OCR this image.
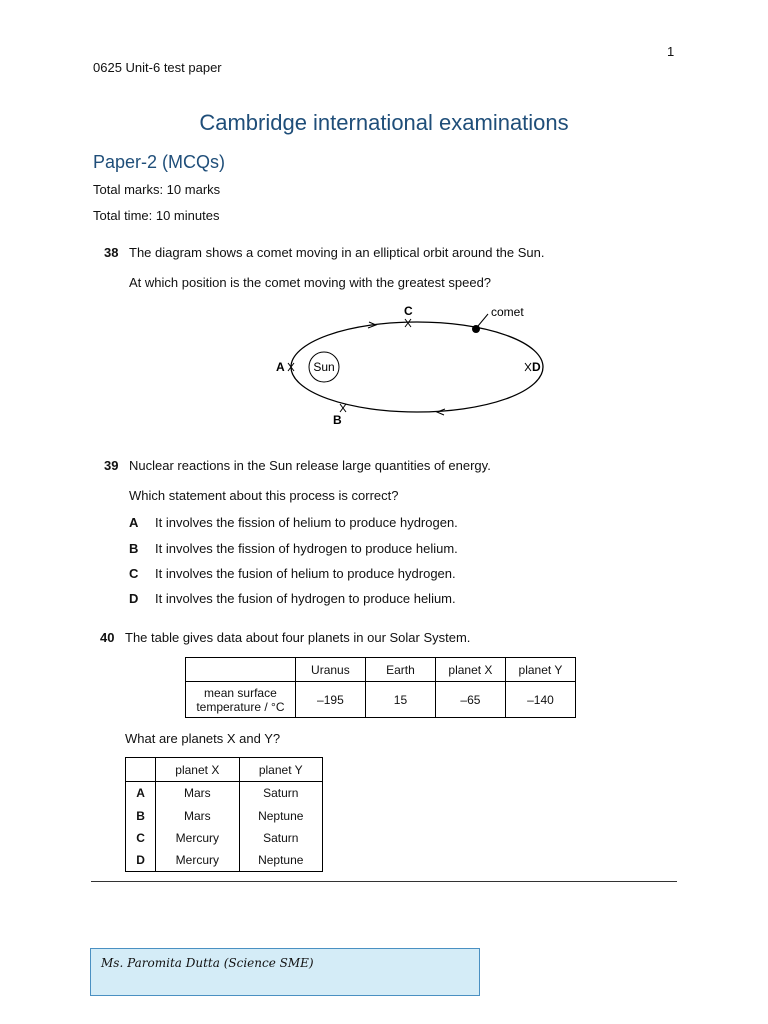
1
0625 Unit-6 test paper
Cambridge international examinations
Paper-2 (MCQs)
Total marks: 10 marks
Total time: 10 minutes
38 The diagram shows a comet moving in an elliptical orbit around the Sun.
At which position is the comet moving with the greatest speed?
Sun
comet
A
C
B
D
39 Nuclear reactions in the Sun release large quantities of energy.
Which statement about this process is correct?
A It involves the fission of helium to produce hydrogen.
B It involves the fission of hydrogen to produce helium.
C It involves the fusion of helium to produce hydrogen.
D It involves the fusion of hydrogen to produce helium.
40 The table gives data about four planets in our Solar System.
	Uranus	Earth	planet X	planet Y

mean surface
temperature / °C	–195	15	–65	–140
What are planets X and Y?
	planet X	planet Y
A	Mars	Saturn
B	Mars	Neptune
C	Mercury	Saturn
D	Mercury	Neptune
Ms. Paromita Dutta (Science SME)
